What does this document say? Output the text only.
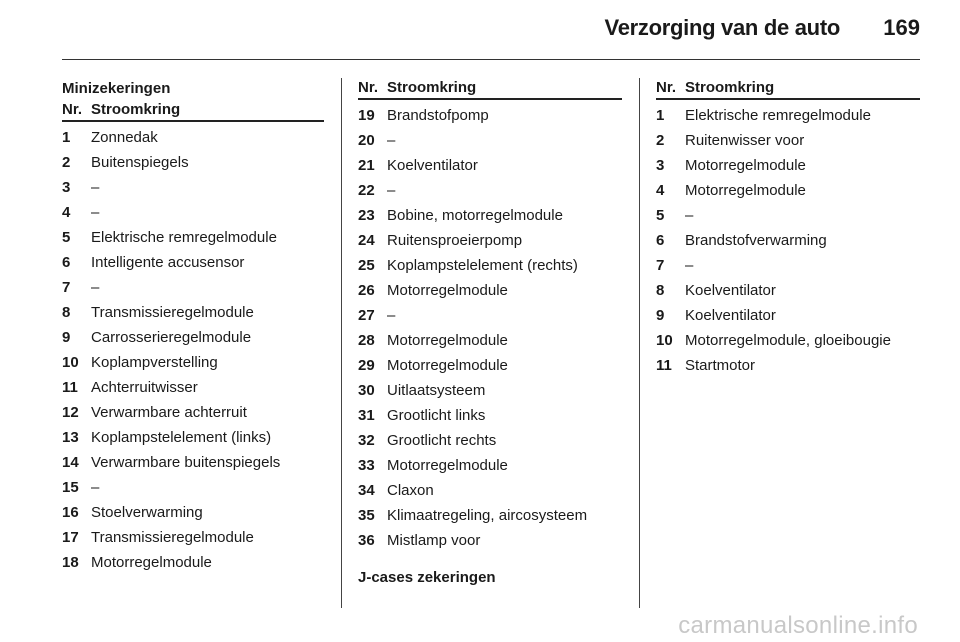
Verzorging van de auto 169
Minizekeringen
Nr.	Stroomkring
1	Zonnedak
2	Buitenspiegels
3	–
4	–
5	Elektrische remregelmodule
6	Intelligente accusensor
7	–
8	Transmissieregelmodule
9	Carrosserieregelmodule
10	Koplampverstelling
11	Achterruitwisser
12	Verwarmbare achterruit
13	Koplampstelelement (links)
14	Verwarmbare buitenspiegels
15	–
16	Stoelverwarming
17	Transmissieregelmodule
18	Motorregelmodule
Nr.	Stroomkring
19	Brandstofpomp
20	–
21	Koelventilator
22	–
23	Bobine, motorregelmodule
24	Ruitensproeierpomp
25	Koplampstelelement (rechts)
26	Motorregelmodule
27	–
28	Motorregelmodule
29	Motorregelmodule
30	Uitlaatsysteem
31	Grootlicht links
32	Grootlicht rechts
33	Motorregelmodule
34	Claxon
35	Klimaatregeling, aircosysteem
36	Mistlamp voor
J-cases zekeringen
Nr.	Stroomkring
1	Elektrische remregelmodule
2	Ruitenwisser voor
3	Motorregelmodule
4	Motorregelmodule
5	–
6	Brandstofverwarming
7	–
8	Koelventilator
9	Koelventilator
10	Motorregelmodule, gloeibougie
11	Startmotor
carmanualsonline.info
